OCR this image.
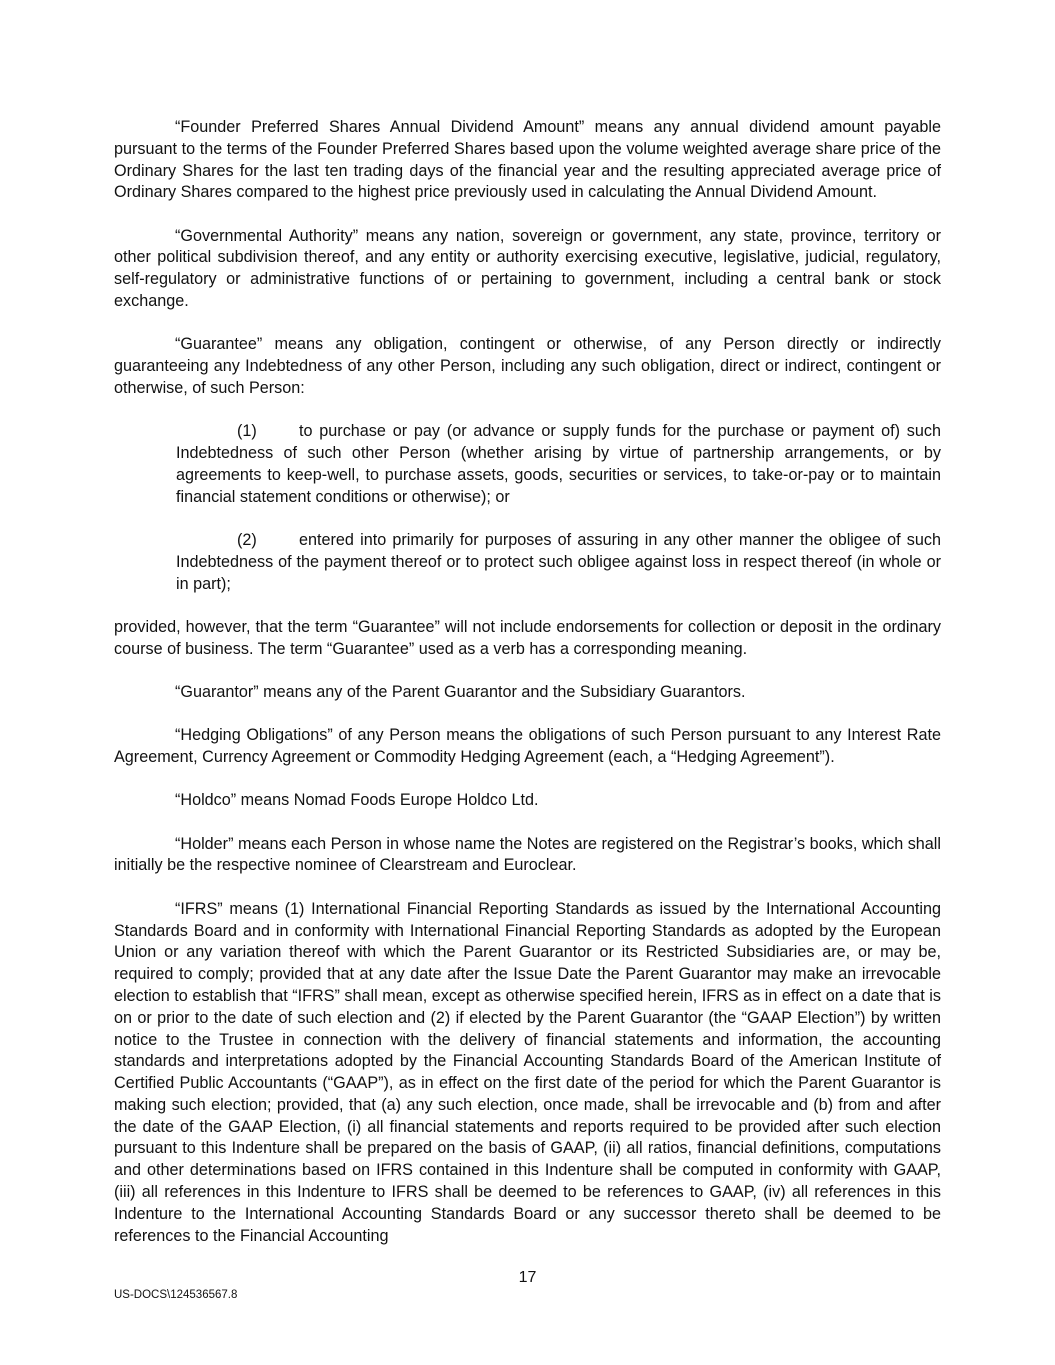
“Founder Preferred Shares Annual Dividend Amount” means any annual dividend amount payable pursuant to the terms of the Founder Preferred Shares based upon the volume weighted average share price of the Ordinary Shares for the last ten trading days of the financial year and the resulting appreciated average price of Ordinary Shares compared to the highest price previously used in calculating the Annual Dividend Amount.

“Governmental Authority” means any nation, sovereign or government, any state, province, territory or other political subdivision thereof, and any entity or authority exercising executive, legislative, judicial, regulatory, self-regulatory or administrative functions of or pertaining to government, including a central bank or stock exchange.

“Guarantee” means any obligation, contingent or otherwise, of any Person directly or indirectly guaranteeing any Indebtedness of any other Person, including any such obligation, direct or indirect, contingent or otherwise, of such Person:

(1)	to purchase or pay (or advance or supply funds for the purchase or payment of) such Indebtedness of such other Person (whether arising by virtue of partnership arrangements, or by agreements to keep-well, to purchase assets, goods, securities or services, to take-or-pay or to maintain financial statement conditions or otherwise); or

(2)	entered into primarily for purposes of assuring in any other manner the obligee of such Indebtedness of the payment thereof or to protect such obligee against loss in respect thereof (in whole or in part);

provided, however, that the term “Guarantee” will not include endorsements for collection or deposit in the ordinary course of business. The term “Guarantee” used as a verb has a corresponding meaning.

“Guarantor” means any of the Parent Guarantor and the Subsidiary Guarantors.

“Hedging Obligations” of any Person means the obligations of such Person pursuant to any Interest Rate Agreement, Currency Agreement or Commodity Hedging Agreement (each, a “Hedging Agreement”).

“Holdco” means Nomad Foods Europe Holdco Ltd.

“Holder” means each Person in whose name the Notes are registered on the Registrar’s books, which shall initially be the respective nominee of Clearstream and Euroclear.

“IFRS” means (1) International Financial Reporting Standards as issued by the International Accounting Standards Board and in conformity with International Financial Reporting Standards as adopted by the European Union or any variation thereof with which the Parent Guarantor or its Restricted Subsidiaries are, or may be, required to comply; provided that at any date after the Issue Date the Parent Guarantor may make an irrevocable election to establish that “IFRS” shall mean, except as otherwise specified herein, IFRS as in effect on a date that is on or prior to the date of such election and (2) if elected by the Parent Guarantor (the “GAAP Election”) by written notice to the Trustee in connection with the delivery of financial statements and information, the accounting standards and interpretations adopted by the Financial Accounting Standards Board of the American Institute of Certified Public Accountants (“GAAP”), as in effect on the first date of the period for which the Parent Guarantor is making such election; provided, that (a) any such election, once made, shall be irrevocable and (b) from and after the date of the GAAP Election, (i) all financial statements and reports required to be provided after such election pursuant to this Indenture shall be prepared on the basis of GAAP, (ii) all ratios, financial definitions, computations and other determinations based on IFRS contained in this Indenture shall be computed in conformity with GAAP, (iii) all references in this Indenture to IFRS shall be deemed to be references to GAAP, (iv) all references in this Indenture to the International Accounting Standards Board or any successor thereto shall be deemed to be references to the Financial Accounting

17
US-DOCS\124536567.8
